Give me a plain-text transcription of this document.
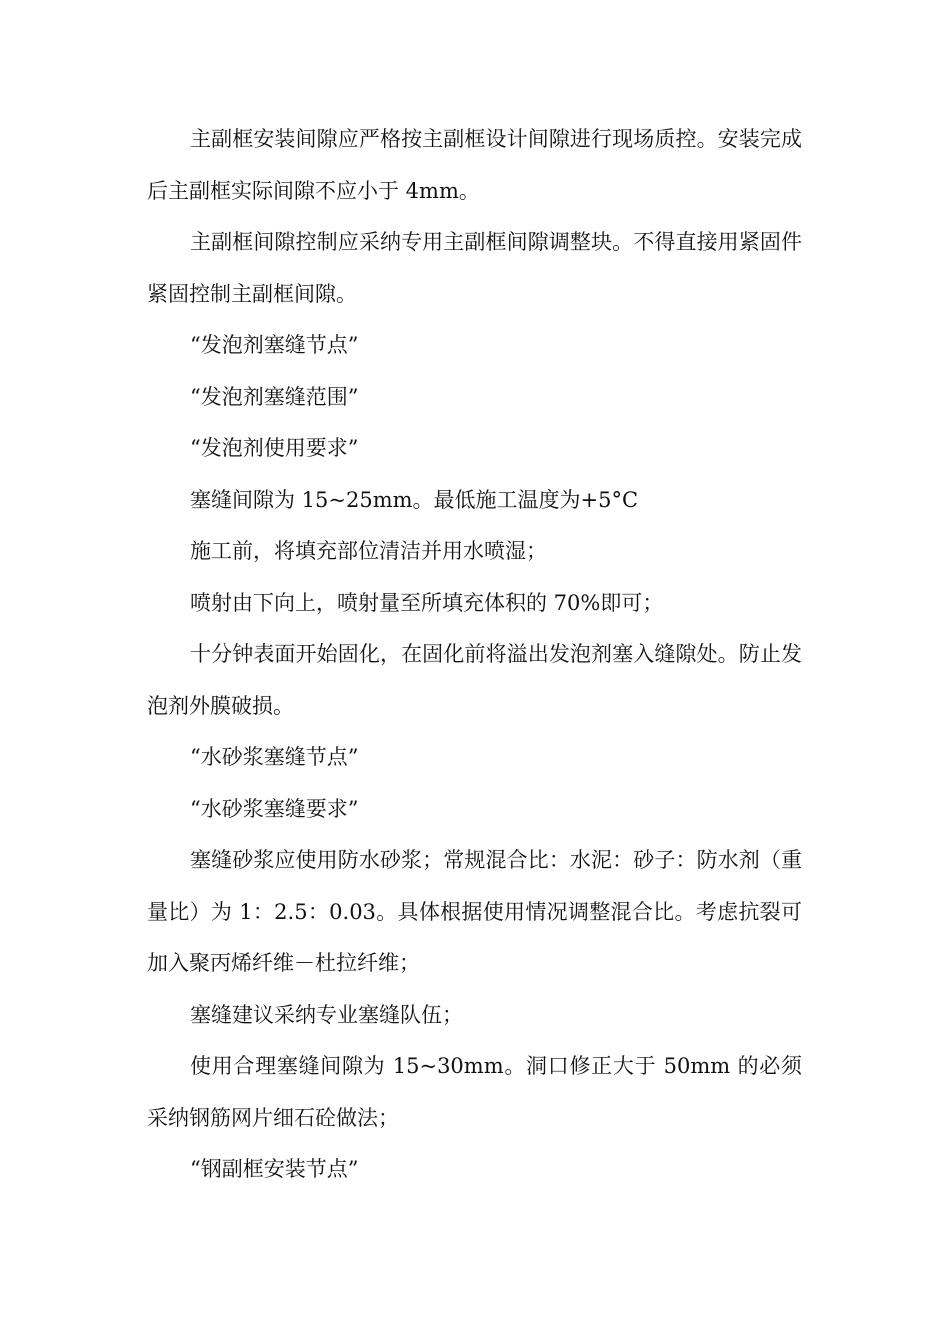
主副框安装间隙应严格按主副框设计间隙进行现场质控。安装完成后主副框实际间隙不应小于 4mm。

主副框间隙控制应采纳专用主副框间隙调整块。不得直接用紧固件紧固控制主副框间隙。

“发泡剂塞缝节点”

“发泡剂塞缝范围”

“发泡剂使用要求”

塞缝间隙为 15~25mm。最低施工温度为+5°C

施工前，将填充部位清洁并用水喷湿；

喷射由下向上，喷射量至所填充体积的 70%即可；

十分钟表面开始固化，在固化前将溢出发泡剂塞入缝隙处。防止发泡剂外膜破损。

“水砂浆塞缝节点”

“水砂浆塞缝要求”

塞缝砂浆应使用防水砂浆；常规混合比：水泥：砂子：防水剂（重量比）为 1：2.5：0.03。具体根据使用情况调整混合比。考虑抗裂可加入聚丙烯纤维－杜拉纤维；

塞缝建议采纳专业塞缝队伍；

使用合理塞缝间隙为 15~30mm。洞口修正大于 50mm 的必须采纳钢筋网片细石砼做法；

“钢副框安装节点”
